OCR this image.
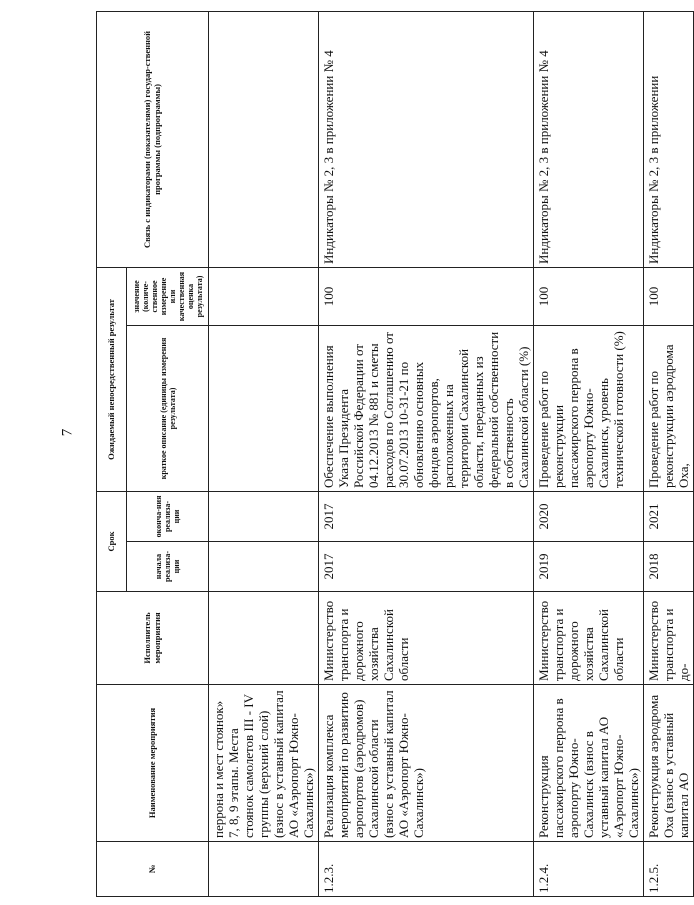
7
№	Наименование мероприятия	Исполнитель мероприятия	Срок		Ожидаемый непосредственный результат		Связь с индикаторами (показателями) государ-ственной программы (подпрограммы)
			начала реализа-ции	оконча-ния реализа-ции	краткое описание (единицы измерения результата)	значение (количе-ственное измерение или качественная оценка результата)	
	перрона и мест стоянок» 7, 8, 9 этапы. Места стоянок самолетов III - IV группы (верхний слой) (взнос в уставный капитал АО «Аэропорт Южно-Сахалинск»)						
1.2.3.	Реализация комплекса мероприятий по развитию аэропортов (аэродромов) Сахалинской области (взнос в уставный капитал АО «Аэропорт Южно-Сахалинск»)	Министерство транспорта и дорожного хозяйства Сахалинской области	2017	2017	Обеспечение выполнения Указа Президента Российской Федерации от 04.12.2013 № 881 и сметы расходов по Соглашению от 30.07.2013 10-31-21 по обновлению основных фондов аэропортов, расположенных на территории Сахалинской области, переданных из федеральной собственности в собственность Сахалинской области (%)	100	Индикаторы № 2, 3 в приложении № 4
1.2.4.	Реконструкция пассажирского перрона в аэропорту Южно-Сахалинск (взнос в уставный капитал АО «Аэропорт Южно-Сахалинск»)	Министерство транспорта и дорожного хозяйства Сахалинской области	2019	2020	Проведение работ по реконструкции пассажирского перрона в аэропорту Южно-Сахалинск, уровень технической готовности (%)	100	Индикаторы № 2, 3 в приложении № 4
1.2.5.	Реконструкция аэродрома Оха (взнос в уставный капитал АО	Министерство транспорта и до-	2018	2021	Проведение работ по реконструкции аэродрома Оха,	100	Индикаторы № 2, 3 в приложении
